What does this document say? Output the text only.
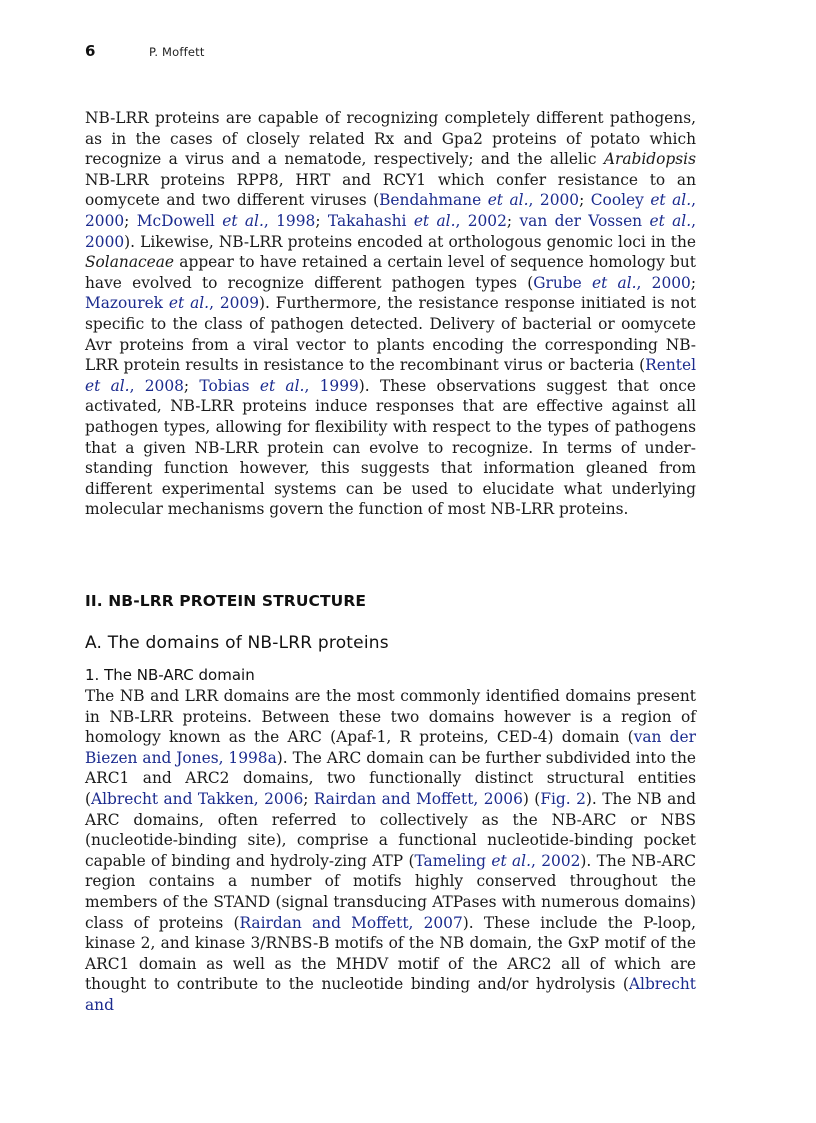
6	P. Moffett

NB-LRR proteins are capable of recognizing completely different pathogens, as in the cases of closely related Rx and Gpa2 proteins of potato which recognize a virus and a nematode, respectively; and the allelic Arabidopsis NB-LRR proteins RPP8, HRT and RCY1 which confer resistance to an oomycete and two different viruses (Bendahmane et al., 2000; Cooley et al., 2000; McDowell et al., 1998; Takahashi et al., 2002; van der Vossen et al., 2000). Likewise, NB-LRR proteins encoded at orthologous genomic loci in the Solanaceae appear to have retained a certain level of sequence homology but have evolved to recognize different pathogen types (Grube et al., 2000; Mazourek et al., 2009). Furthermore, the resistance response initiated is not specific to the class of pathogen detected. Delivery of bacterial or oomycete Avr proteins from a viral vector to plants encoding the corresponding NB-LRR protein results in resistance to the recombinant virus or bacteria (Rentel et al., 2008; Tobias et al., 1999). These observations suggest that once activated, NB-LRR proteins induce responses that are effective against all pathogen types, allowing for flexibility with respect to the types of pathogens that a given NB-LRR protein can evolve to recognize. In terms of under-standing function however, this suggests that information gleaned from different experimental systems can be used to elucidate what underlying molecular mechanisms govern the function of most NB-LRR proteins.

II. NB-LRR PROTEIN STRUCTURE
A. The domains of NB-LRR proteins
1. The NB-ARC domain

The NB and LRR domains are the most commonly identified domains present in NB-LRR proteins. Between these two domains however is a region of homology known as the ARC (Apaf-1, R proteins, CED-4) domain (van der Biezen and Jones, 1998a). The ARC domain can be further subdivided into the ARC1 and ARC2 domains, two functionally distinct structural entities (Albrecht and Takken, 2006; Rairdan and Moffett, 2006) (Fig. 2). The NB and ARC domains, often referred to collectively as the NB-ARC or NBS (nucleotide-binding site), comprise a functional nucleotide-binding pocket capable of binding and hydroly-zing ATP (Tameling et al., 2002). The NB-ARC region contains a number of motifs highly conserved throughout the members of the STAND (signal transducing ATPases with numerous domains) class of proteins (Rairdan and Moffett, 2007). These include the P-loop, kinase 2, and kinase 3/RNBS-B motifs of the NB domain, the GxP motif of the ARC1 domain as well as the MHDV motif of the ARC2 all of which are thought to contribute to the nucleotide binding and/or hydrolysis (Albrecht and
